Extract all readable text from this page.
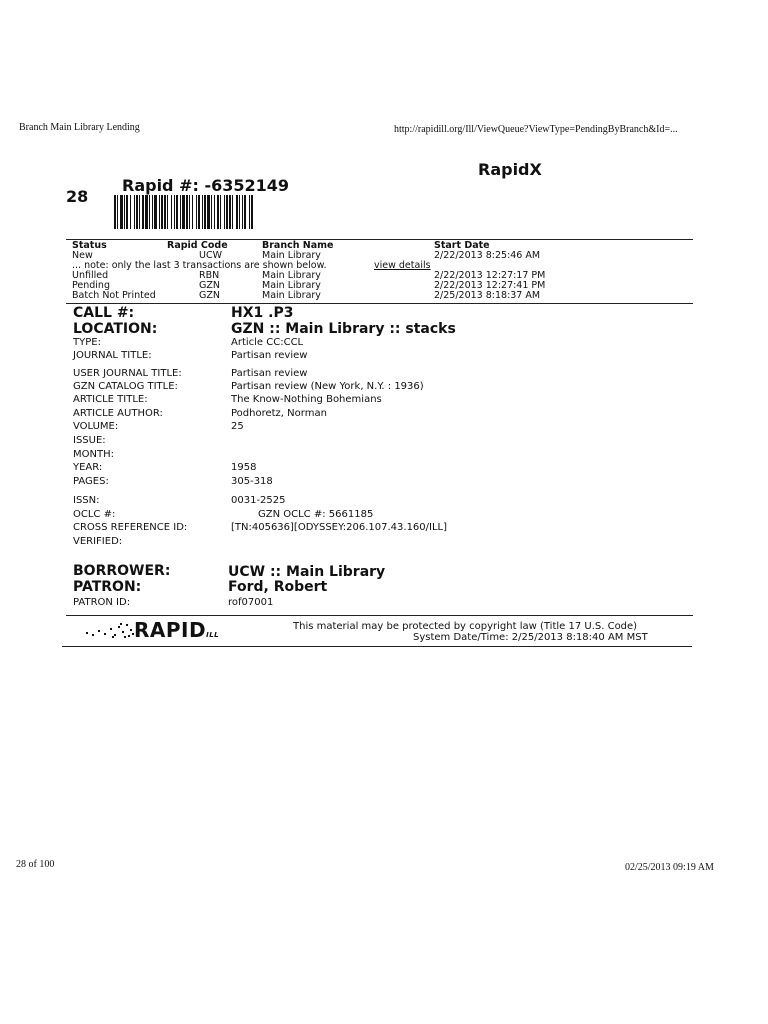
Branch Main Library Lending	http://rapidill.org/Ill/ViewQueue?ViewType=PendingByBranch&Id=...
RapidX
28
Rapid #: -6352149
Status	Rapid Code	Branch Name	Start Date
New	UCW	Main Library	2/22/2013 8:25:46 AM
... note: only the last 3 transactions are shown below.	view details
Unfilled	RBN	Main Library	2/22/2013 12:27:17 PM
Pending	GZN	Main Library	2/22/2013 12:27:41 PM
Batch Not Printed	GZN	Main Library	2/25/2013 8:18:37 AM
CALL #:	HX1 .P3
LOCATION:	GZN :: Main Library :: stacks
TYPE:	Article CC:CCL
JOURNAL TITLE:	Partisan review
USER JOURNAL TITLE:	Partisan review
GZN CATALOG TITLE:	Partisan review (New York, N.Y. : 1936)
ARTICLE TITLE:	The Know-Nothing Bohemians
ARTICLE AUTHOR:	Podhoretz, Norman
VOLUME:	25
ISSUE:
MONTH:
YEAR:	1958
PAGES:	305-318
ISSN:	0031-2525
OCLC #:	GZN OCLC #: 5661185
CROSS REFERENCE ID:	[TN:405636][ODYSSEY:206.107.43.160/ILL]
VERIFIED:
BORROWER:	UCW :: Main Library
PATRON:	Ford, Robert
PATRON ID:	rof07001
RAPIDILL
This material may be protected by copyright law (Title 17 U.S. Code)
System Date/Time: 2/25/2013 8:18:40 AM MST
28 of 100	02/25/2013 09:19 AM
